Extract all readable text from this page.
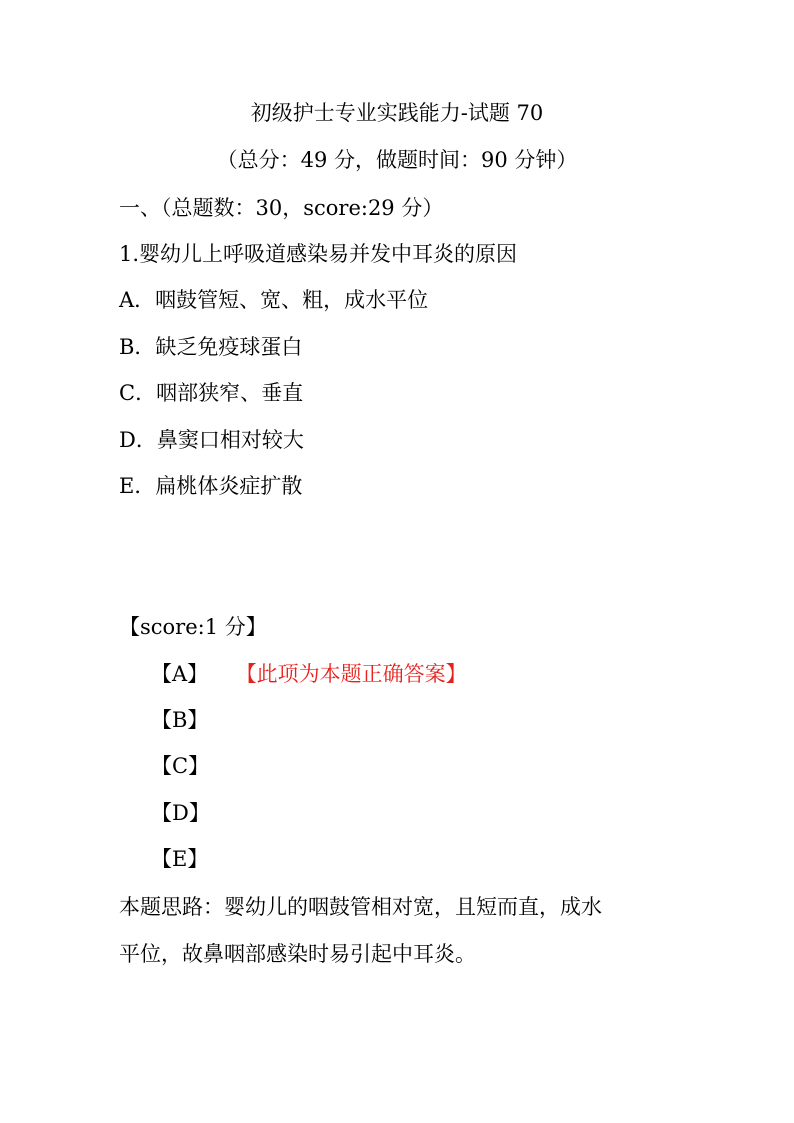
初级护士专业实践能力-试题 70
（总分：49 分，做题时间：90 分钟）
一、（总题数：30，score:29 分）
1.婴幼儿上呼吸道感染易并发中耳炎的原因
A．咽鼓管短、宽、粗，成水平位
B．缺乏免疫球蛋白
C．咽部狭窄、垂直
D．鼻窦口相对较大
E．扁桃体炎症扩散
【score:1 分】
【A】 【此项为本题正确答案】
【B】
【C】
【D】
【E】
本题思路：婴幼儿的咽鼓管相对宽，且短而直，成水
平位，故鼻咽部感染时易引起中耳炎。
